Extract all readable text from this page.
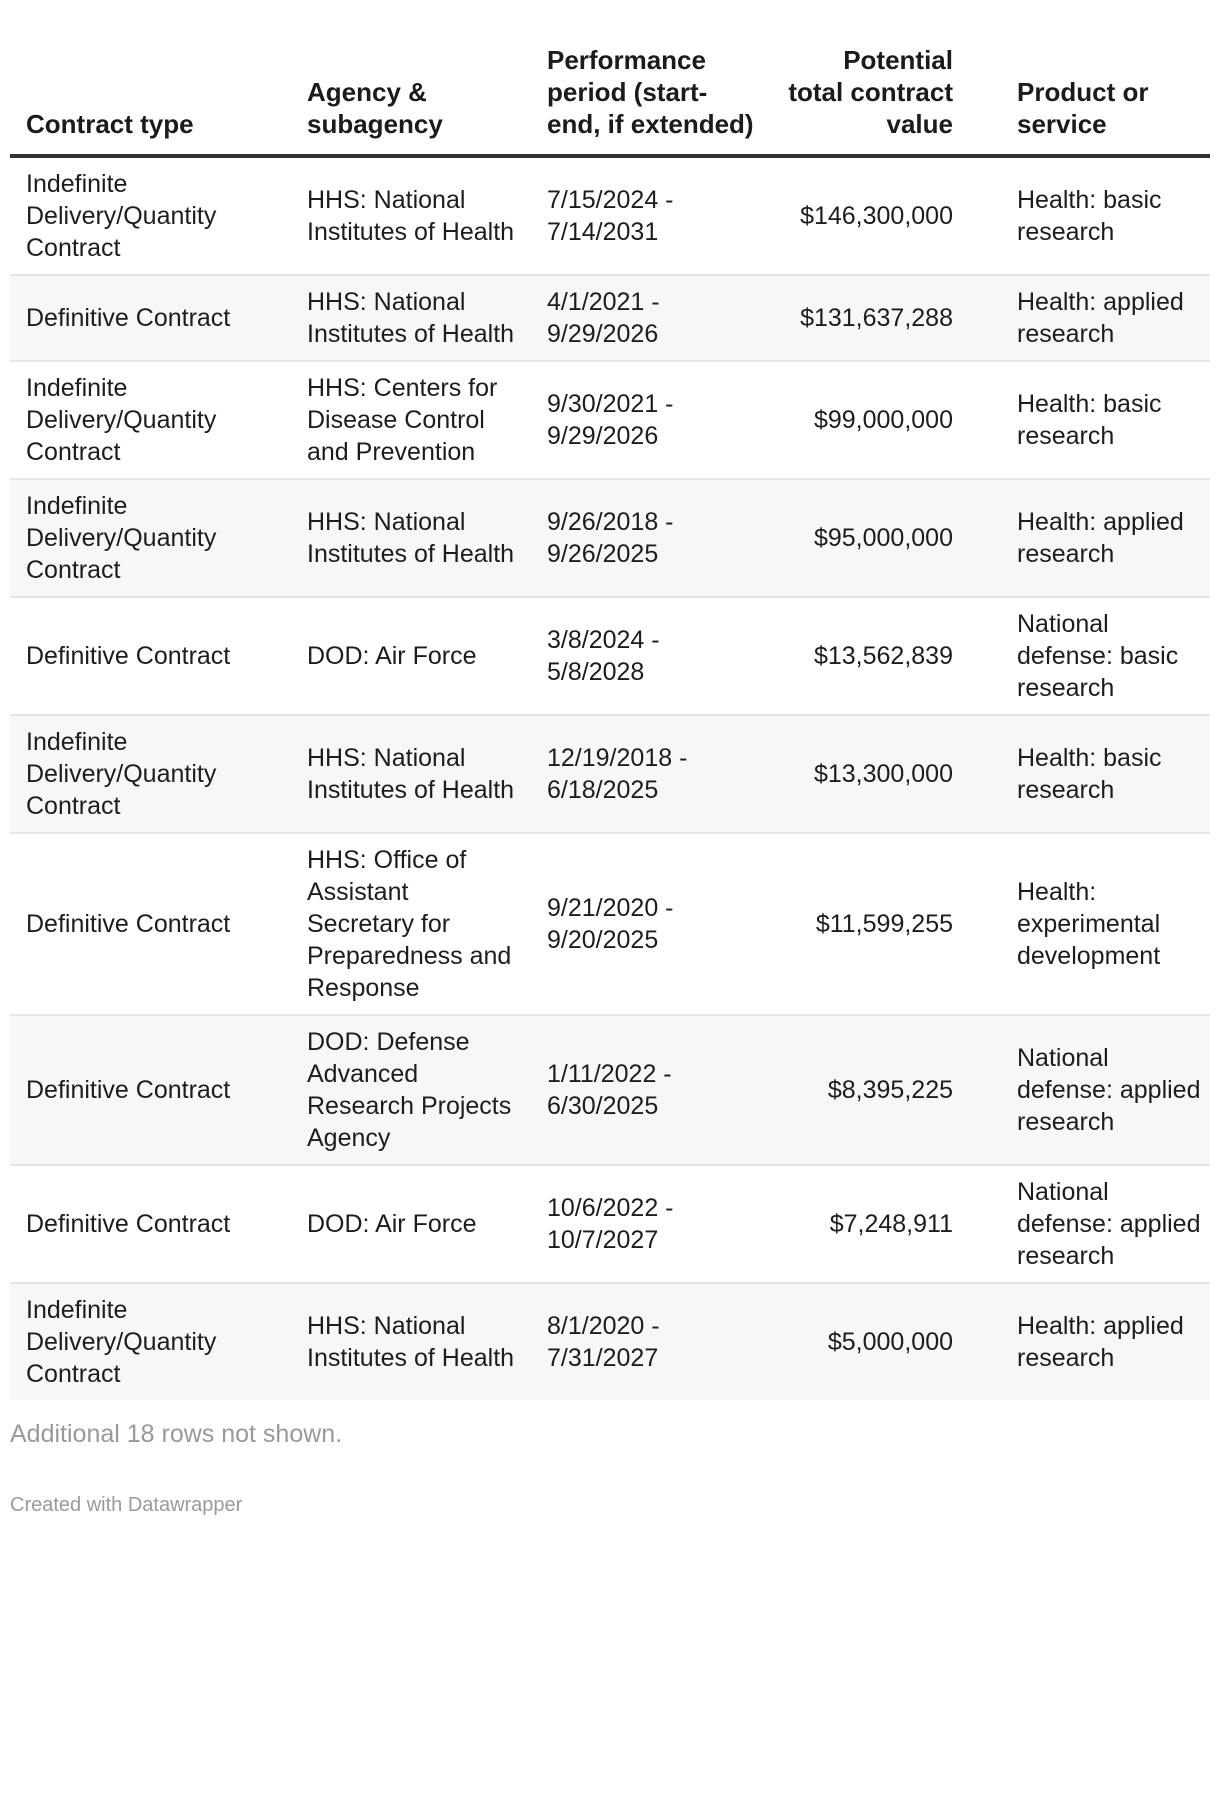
Contract type	Agency & subagency	Performance period (start-end, if extended)	Potential total contract value	Product or service
Indefinite Delivery/Quantity Contract	HHS: National Institutes of Health	7/15/2024 - 7/14/2031	$146,300,000	Health: basic research
Definitive Contract	HHS: National Institutes of Health	4/1/2021 - 9/29/2026	$131,637,288	Health: applied research
Indefinite Delivery/Quantity Contract	HHS: Centers for Disease Control and Prevention	9/30/2021 - 9/29/2026	$99,000,000	Health: basic research
Indefinite Delivery/Quantity Contract	HHS: National Institutes of Health	9/26/2018 - 9/26/2025	$95,000,000	Health: applied research
Definitive Contract	DOD: Air Force	3/8/2024 - 5/8/2028	$13,562,839	National defense: basic research
Indefinite Delivery/Quantity Contract	HHS: National Institutes of Health	12/19/2018 - 6/18/2025	$13,300,000	Health: basic research
Definitive Contract	HHS: Office of Assistant Secretary for Preparedness and Response	9/21/2020 - 9/20/2025	$11,599,255	Health: experimental development
Definitive Contract	DOD: Defense Advanced Research Projects Agency	1/11/2022 - 6/30/2025	$8,395,225	National defense: applied research
Definitive Contract	DOD: Air Force	10/6/2022 - 10/7/2027	$7,248,911	National defense: applied research
Indefinite Delivery/Quantity Contract	HHS: National Institutes of Health	8/1/2020 - 7/31/2027	$5,000,000	Health: applied research
Additional 18 rows not shown.
Created with Datawrapper
